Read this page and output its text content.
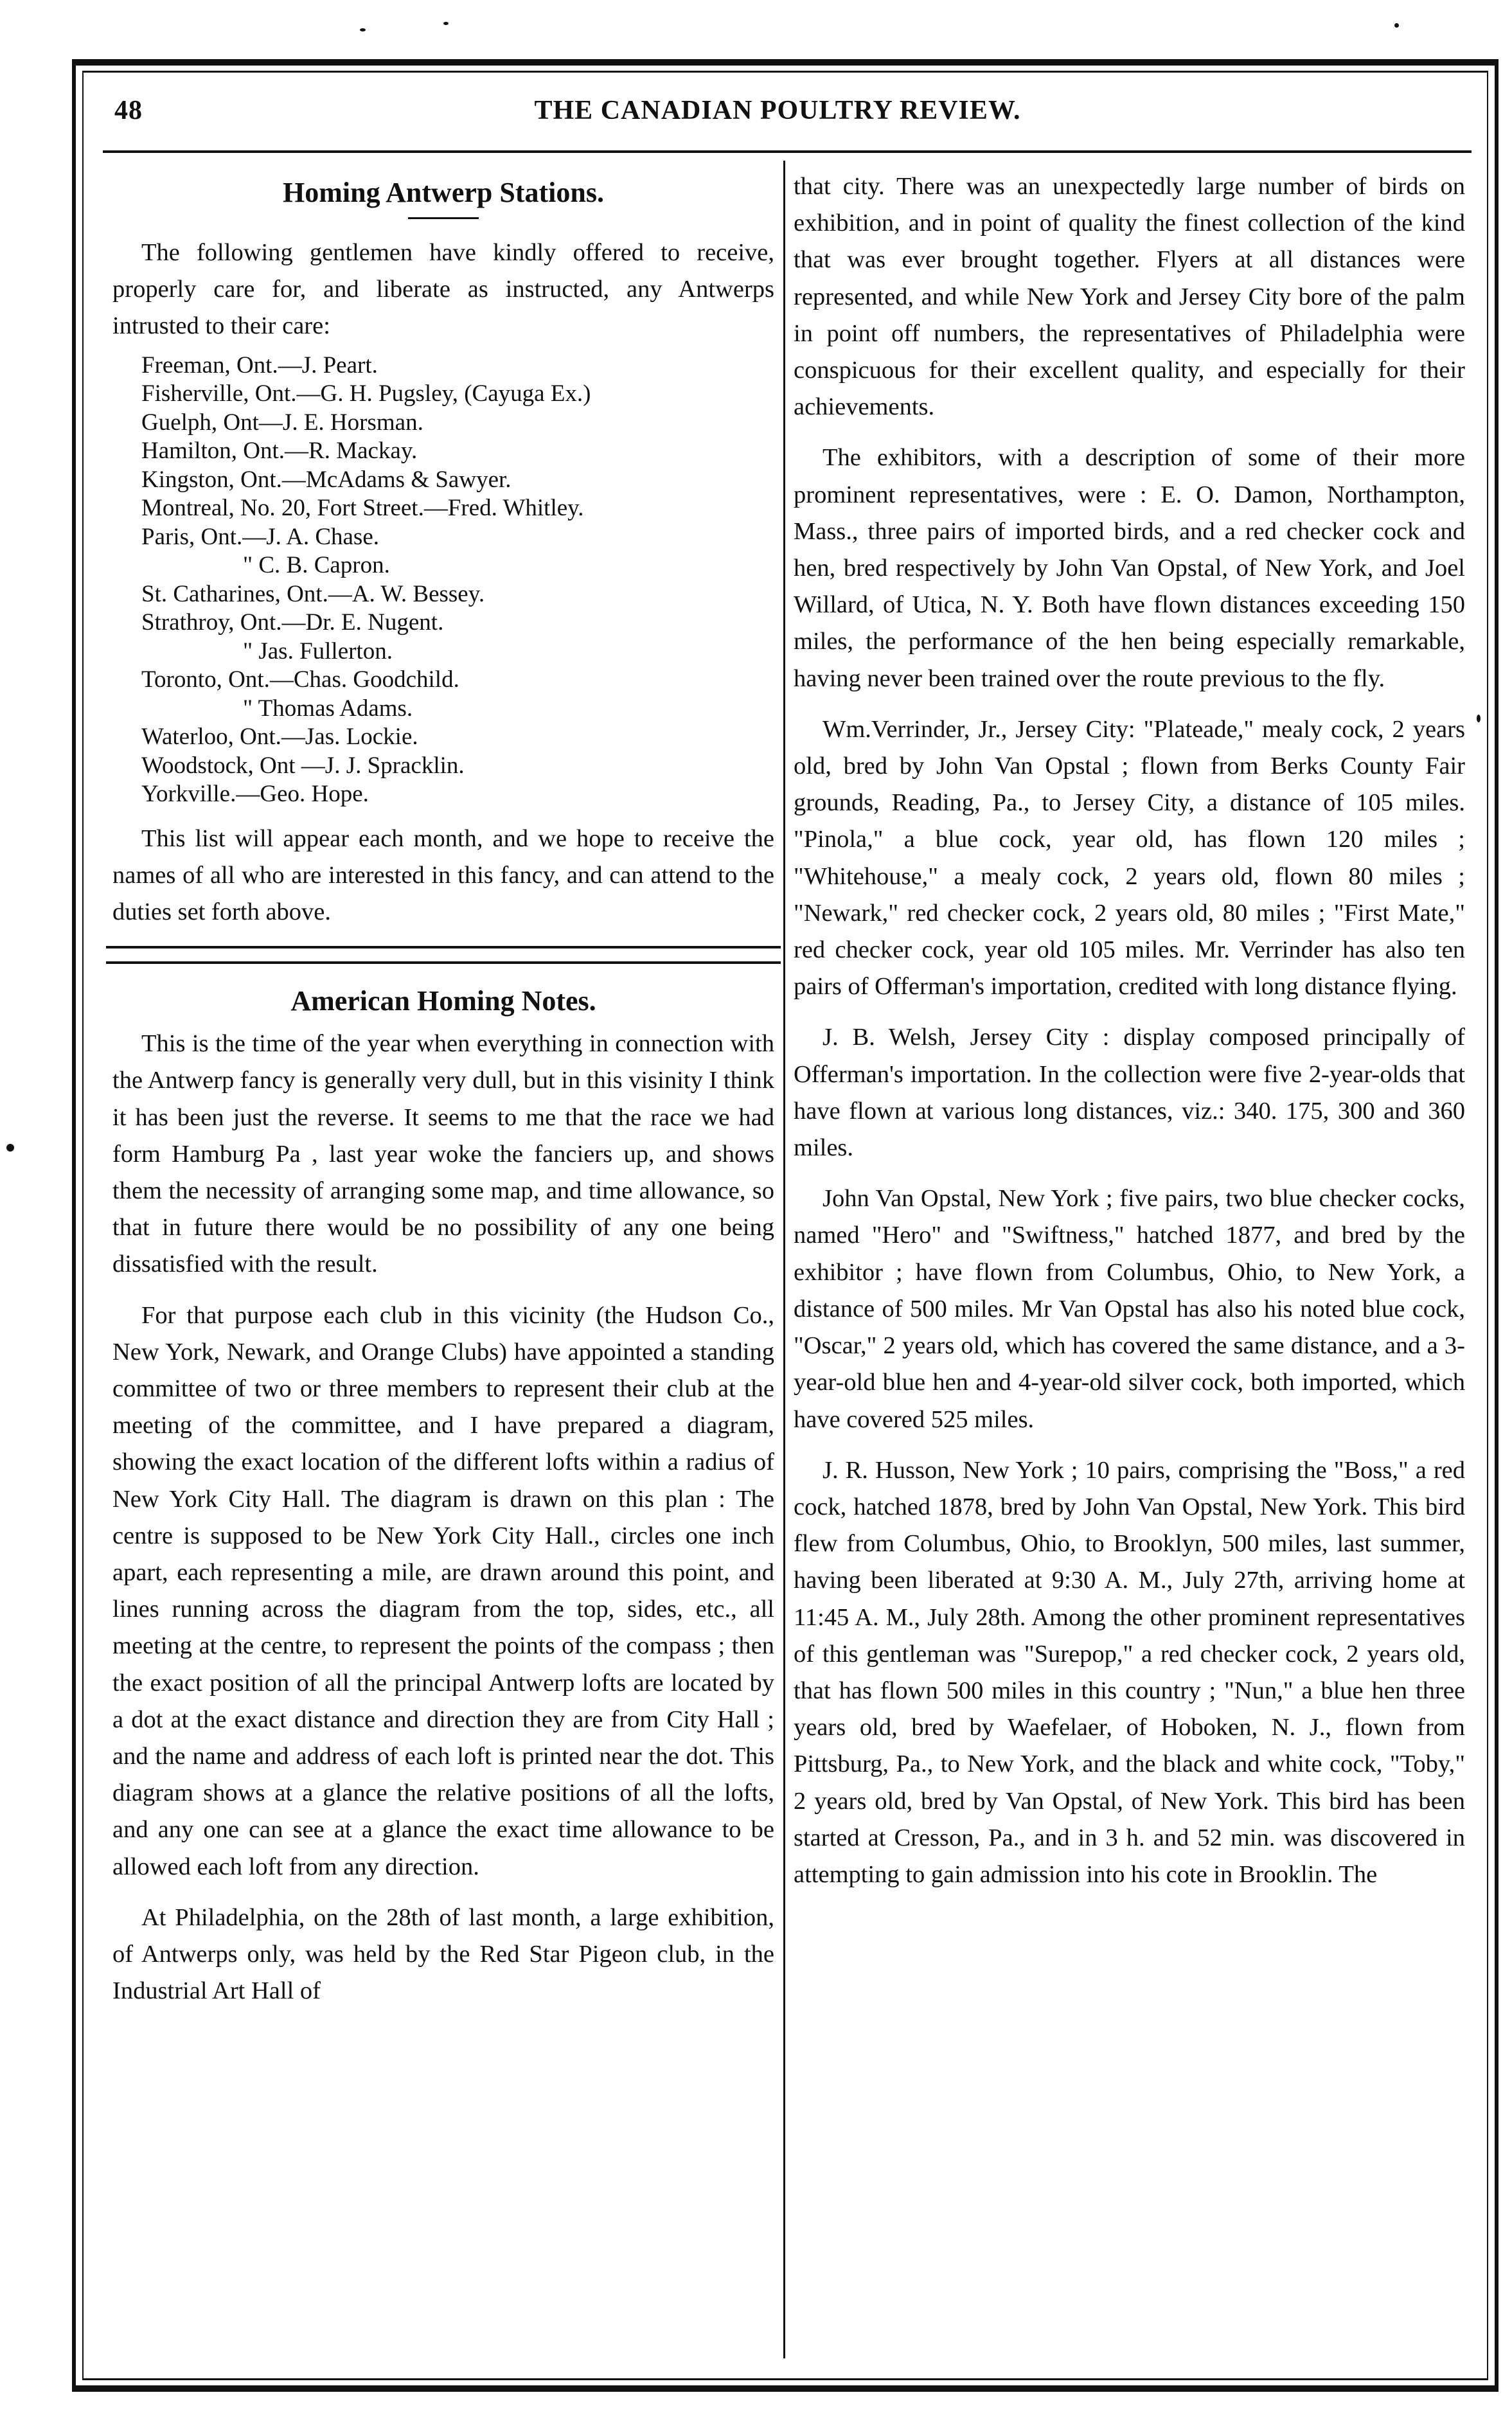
48	THE CANADIAN POULTRY REVIEW.
Homing Antwerp Stations.

The following gentlemen have kindly offered to receive, properly care for, and liberate as instructed, any Antwerps intrusted to their care:

Freeman, Ont.—J. Peart.
Fisherville, Ont.—G. H. Pugsley, (Cayuga Ex.)
Guelph, Ont—J. E. Horsman.
Hamilton, Ont.—R. Mackay.
Kingston, Ont.—McAdams & Sawyer.
Montreal, No. 20, Fort Street.—Fred. Whitley.
Paris, Ont.—J. A. Chase.
" C. B. Capron.
St. Catharines, Ont.—A. W. Bessey.
Strathroy, Ont.—Dr. E. Nugent.
" Jas. Fullerton.
Toronto, Ont.—Chas. Goodchild.
" Thomas Adams.
Waterloo, Ont.—Jas. Lockie.
Woodstock, Ont —J. J. Spracklin.
Yorkville.—Geo. Hope.

This list will appear each month, and we hope to receive the names of all who are interested in this fancy, and can attend to the duties set forth above.

American Homing Notes.

This is the time of the year when everything in connection with the Antwerp fancy is generally very dull, but in this visinity I think it has been just the reverse. It seems to me that the race we had form Hamburg Pa , last year woke the fanciers up, and shows them the necessity of arranging some map, and time allowance, so that in future there would be no possibility of any one being dissatisfied with the result.

For that purpose each club in this vicinity (the Hudson Co., New York, Newark, and Orange Clubs) have appointed a standing committee of two or three members to represent their club at the meeting of the committee, and I have prepared a diagram, showing the exact location of the different lofts within a radius of New York City Hall. The diagram is drawn on this plan : The centre is supposed to be New York City Hall., circles one inch apart, each representing a mile, are drawn around this point, and lines running across the diagram from the top, sides, etc., all meeting at the centre, to represent the points of the compass ; then the exact position of all the principal Antwerp lofts are located by a dot at the exact distance and direction they are from City Hall ; and the name and address of each loft is printed near the dot. This diagram shows at a glance the relative positions of all the lofts, and any one can see at a glance the exact time allowance to be allowed each loft from any direction.

At Philadelphia, on the 28th of last month, a large exhibition, of Antwerps only, was held by the Red Star Pigeon club, in the Industrial Art Hall of

that city. There was an unexpectedly large number of birds on exhibition, and in point of quality the finest collection of the kind that was ever brought together. Flyers at all distances were represented, and while New York and Jersey City bore of the palm in point off numbers, the representatives of Philadelphia were conspicuous for their excellent quality, and especially for their achievements.

The exhibitors, with a description of some of their more prominent representatives, were : E. O. Damon, Northampton, Mass., three pairs of imported birds, and a red checker cock and hen, bred respectively by John Van Opstal, of New York, and Joel Willard, of Utica, N. Y. Both have flown distances exceeding 150 miles, the performance of the hen being especially remarkable, having never been trained over the route previous to the fly.

Wm.Verrinder, Jr., Jersey City: "Plateade," mealy cock, 2 years old, bred by John Van Opstal ; flown from Berks County Fair grounds, Reading, Pa., to Jersey City, a distance of 105 miles. "Pinola," a blue cock, year old, has flown 120 miles ; "Whitehouse," a mealy cock, 2 years old, flown 80 miles ; "Newark," red checker cock, 2 years old, 80 miles ; "First Mate," red checker cock, year old 105 miles. Mr. Verrinder has also ten pairs of Offerman's importation, credited with long distance flying.

J. B. Welsh, Jersey City : display composed principally of Offerman's importation. In the collection were five 2-year-olds that have flown at various long distances, viz.: 340. 175, 300 and 360 miles.

John Van Opstal, New York ; five pairs, two blue checker cocks, named "Hero" and "Swiftness," hatched 1877, and bred by the exhibitor ; have flown from Columbus, Ohio, to New York, a distance of 500 miles. Mr Van Opstal has also his noted blue cock, "Oscar," 2 years old, which has covered the same distance, and a 3-year-old blue hen and 4-year-old silver cock, both imported, which have covered 525 miles.

J. R. Husson, New York ; 10 pairs, comprising the "Boss," a red cock, hatched 1878, bred by John Van Opstal, New York. This bird flew from Columbus, Ohio, to Brooklyn, 500 miles, last summer, having been liberated at 9:30 A. M., July 27th, arriving home at 11:45 A. M., July 28th. Among the other prominent representatives of this gentleman was "Surepop," a red checker cock, 2 years old, that has flown 500 miles in this country ; "Nun," a blue hen three years old, bred by Waefelaer, of Hoboken, N. J., flown from Pittsburg, Pa., to New York, and the black and white cock, "Toby," 2 years old, bred by Van Opstal, of New York. This bird has been started at Cresson, Pa., and in 3 h. and 52 min. was discovered in attempting to gain admission into his cote in Brooklin. The
